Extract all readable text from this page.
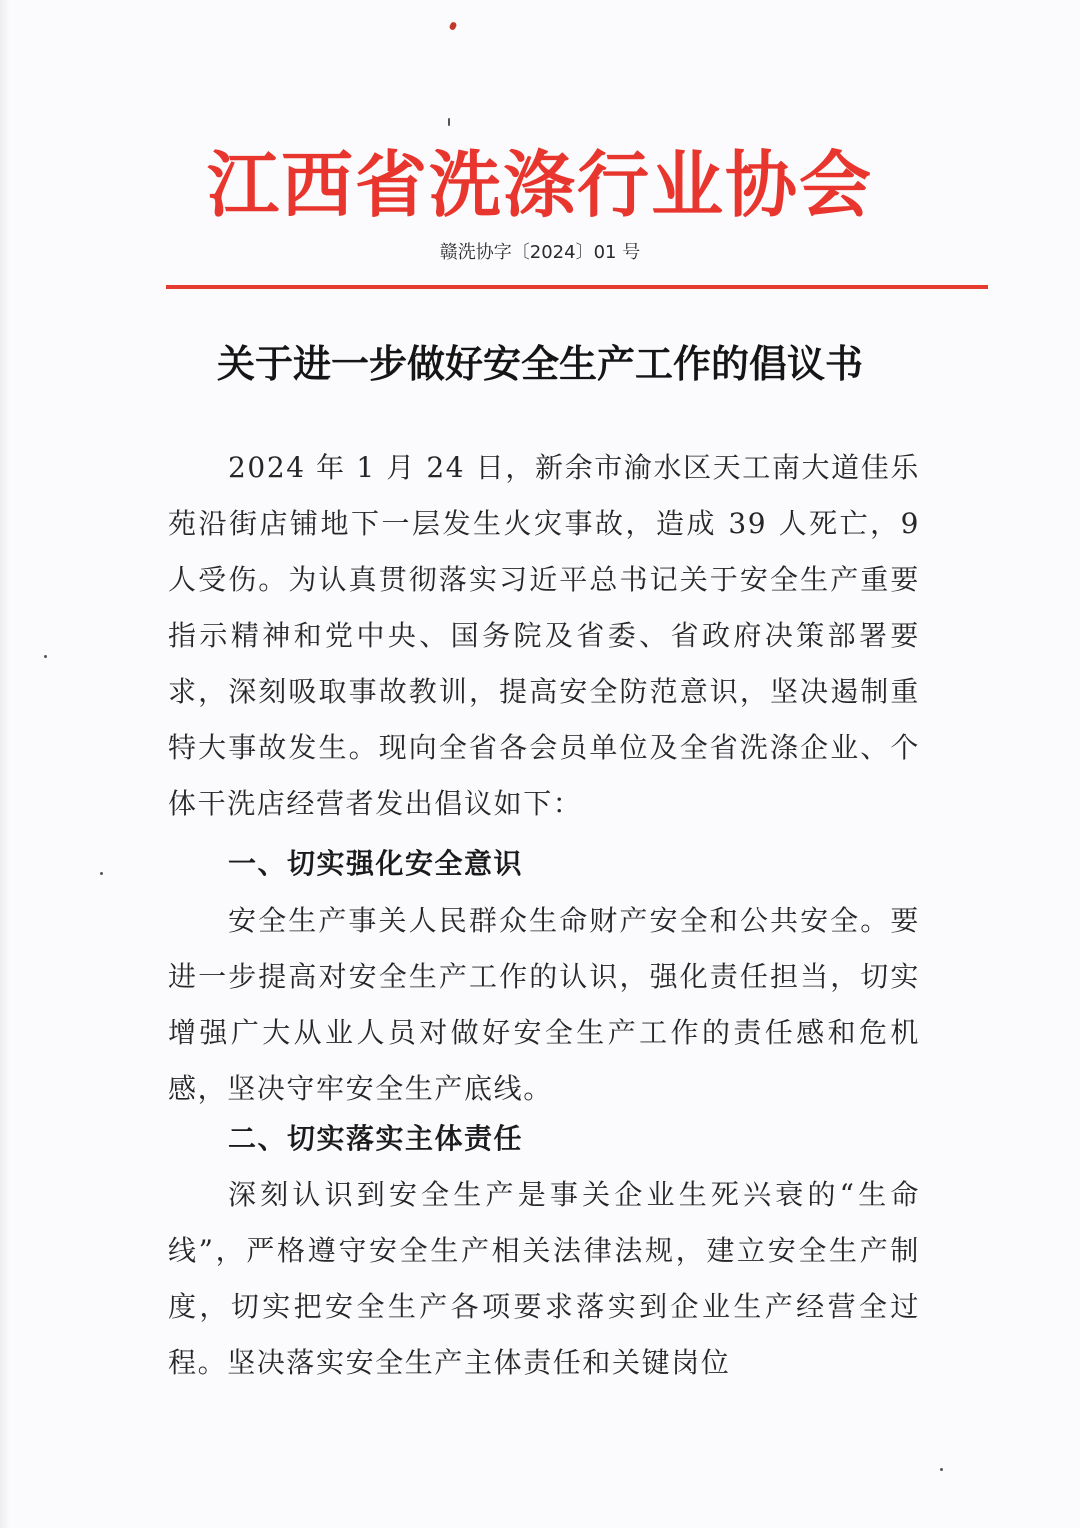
江西省洗涤行业协会
赣洗协字〔2024〕01 号
关于进一步做好安全生产工作的倡议书

2024 年 1 月 24 日，新余市渝水区天工南大道佳乐苑沿街店铺地下一层发生火灾事故，造成 39 人死亡，9 人受伤。为认真贯彻落实习近平总书记关于安全生产重要指示精神和党中央、国务院及省委、省政府决策部署要求，深刻吸取事故教训，提高安全防范意识，坚决遏制重特大事故发生。现向全省各会员单位及全省洗涤企业、个体干洗店经营者发出倡议如下：

一、切实强化安全意识

安全生产事关人民群众生命财产安全和公共安全。要进一步提高对安全生产工作的认识，强化责任担当，切实增强广大从业人员对做好安全生产工作的责任感和危机感，坚决守牢安全生产底线。

二、切实落实主体责任

深刻认识到安全生产是事关企业生死兴衰的“生命线”，严格遵守安全生产相关法律法规，建立安全生产制度，切实把安全生产各项要求落实到企业生产经营全过程。坚决落实安全生产主体责任和关键岗位
